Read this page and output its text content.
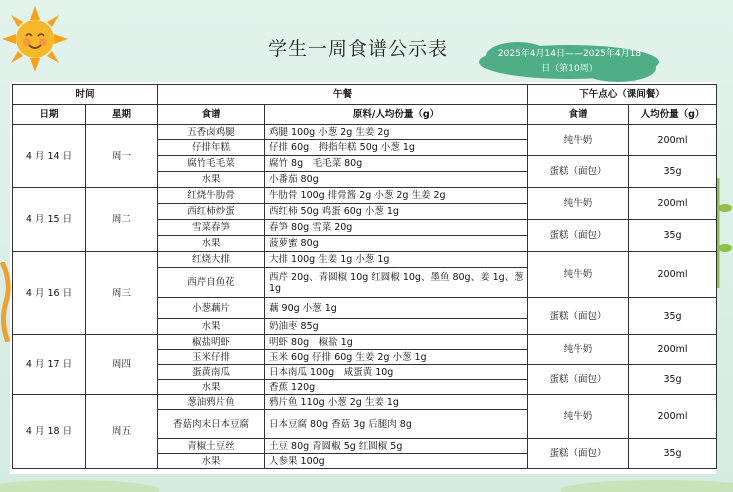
学生一周食谱公示表	2025年4月14日——2025年4月18
日（第10周）
时间		午餐		下午点心（课间餐）	
日期	星期	食谱	原料/人均份量（g）	食谱	人均份量（g）
4 月 14 日	周一	五香卤鸡腿	鸡腿 100g 小葱 2g 生姜 2g	纯牛奶	200ml
		仔排年糕	仔排 60g　拇指年糕 50g 小葱 1g		
		腐竹毛毛菜	腐竹 8g　毛毛菜 80g	蛋糕（面包）	35g
		水果	小番茄 80g		
4 月 15 日	周二	红烧牛肋骨	牛肋骨 100g 排骨酱 2g 小葱 2g 生姜 2g	纯牛奶	200ml
		西红柿炒蛋	西红柿 50g 鸡蛋 60g 小葱 1g		
		雪菜春笋	春笋 80g 雪菜 20g	蛋糕（面包）	35g
		水果	菠萝蜜 80g		
4 月 16 日	周三	红烧大排	大排 100g 生姜 1g 小葱 1g	纯牛奶	200ml
		西芹自鱼花	西芹 20g、青圆椒 10g 红圆椒 10g、墨鱼 80g、姜 1g、葱 1g		
		小葱藕片	藕 90g 小葱 1g	蛋糕（面包）	35g
		水果	奶油枣 85g		
4 月 17 日	周四	椒盐明虾	明虾 80g　椒盐 1g	纯牛奶	200ml
		玉米仔排	玉米 60g 仔排 60g 生姜 2g 小葱 1g		
		蛋黄南瓜	日本南瓜 100g　咸蛋黄 10g	蛋糕（面包）	35g
		水果	香蕉 120g		
4 月 18 日	周五	葱油鸦片鱼	鸦片鱼 110g 小葱 2g 生姜 1g	纯牛奶	200ml
		香菇肉末日本豆腐	日本豆腐 80g 香菇 3g 后腿肉 8g		
		青椒土豆丝	土豆 80g 青圆椒 5g 红圆椒 5g	蛋糕（面包）	35g
		水果	人参果 100g		
